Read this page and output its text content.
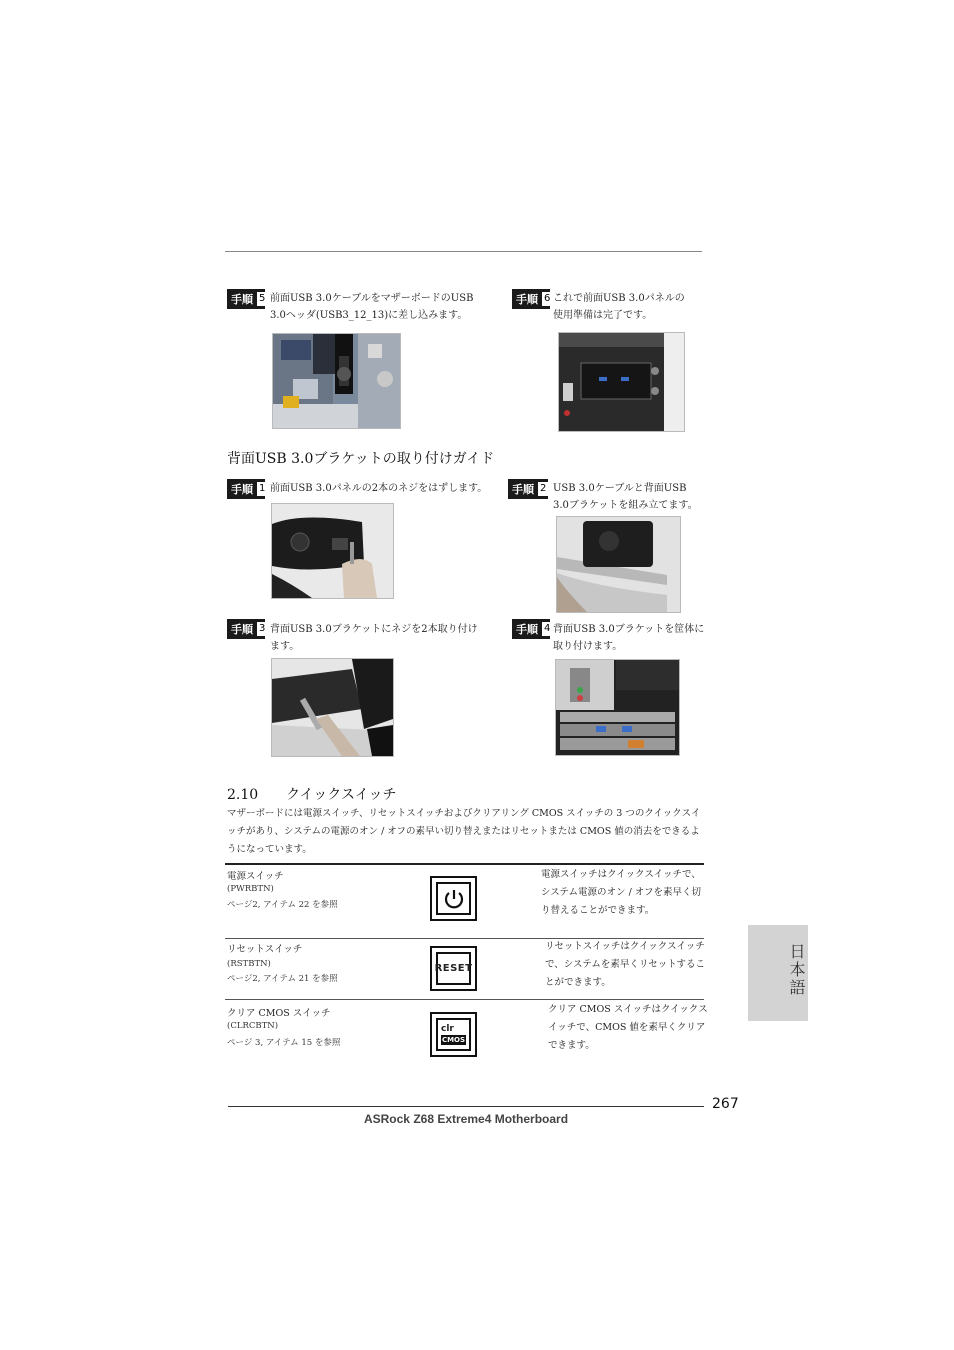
手順 5 前面USB 3.0ケーブルをマザーボードのUSB
3.0ヘッダ(USB3_12_13)に差し込みます。
手順 6 これで前面USB 3.0パネルの
使用準備は完了です。
背面USB 3.0ブラケットの取り付けガイド
手順 1 前面USB 3.0パネルの2本のネジをはずします。 手順 2 USB 3.0ケーブルと背面USB
3.0ブラケットを組み立てます。
手順 3 背面USB 3.0ブラケットにネジを2本取り付け
ます。
手順 4 背面USB 3.0ブラケットを筐体に
取り付けます。
2.10　　クイックスイッチ
マザーボードには電源スイッチ、リセットスイッチおよびクリアリング CMOS スイッチの 3 つのクイックスイッチがあり、システムの電源のオン / オフの素早い切り替えまたはリセットまたは CMOS 値の消去をできるようになっています。
電源スイッチ
(PWRBTN)
ページ2, アイテム 22 を参照
電源スイッチはクイックスイッチで、
システム電源のオン / オフを素早く切
り替えることができます。
リセットスイッチ
(RSTBTN)
ページ2, アイテム 21 を参照
RESET
リセットスイッチはクイックスイッチ
で、システムを素早くリセットするこ
とができます。
クリア CMOS スイッチ
(CLRCBTN)
ページ 3, アイテム 15 を参照
clr
CMOS
クリア CMOS スイッチはクイックス
イッチで、CMOS 値を素早くクリア
できます。
日本語
267
ASRock Z68 Extreme4 Motherboard
